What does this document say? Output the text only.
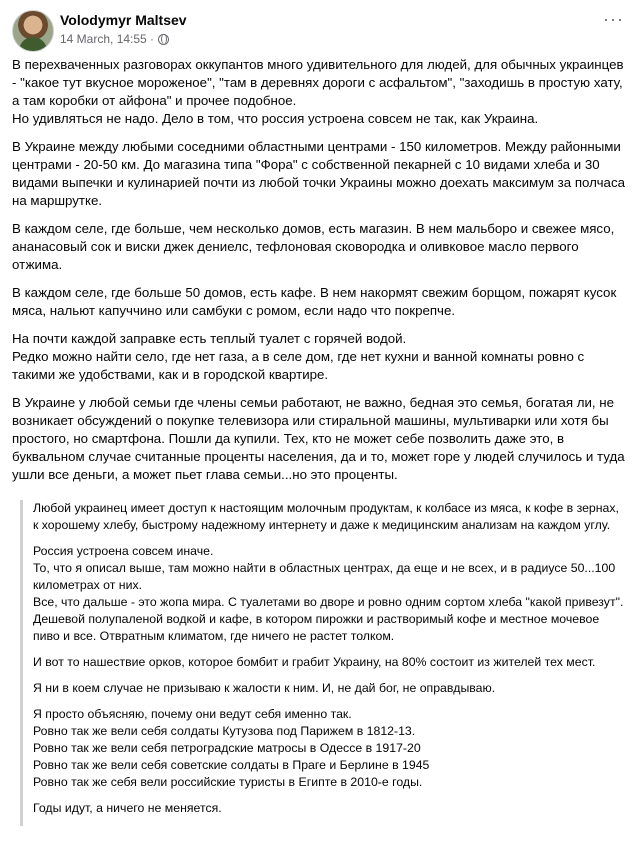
Volodymyr Maltsev
14 March, 14:55 ·
···

В перехваченных разговорах оккупантов много удивительного для людей, для обычных украинцев - "какое тут вкусное мороженое", "там в деревнях дороги с асфальтом", "заходишь в простую хату, а там коробки от айфона" и прочее подобное.
Но удивляться не надо. Дело в том, что россия устроена совсем не так, как Украина.

В Украине между любыми соседними областными центрами - 150 километров. Между районными центрами - 20-50 км. До магазина типа "Фора" с собственной пекарней с 10 видами хлеба и 30 видами выпечки и кулинарией почти из любой точки Украины можно доехать максимум за полчаса на маршрутке.

В каждом селе, где больше, чем несколько домов, есть магазин. В нем мальборо и свежее мясо, ананасовый сок и виски джек дениелс, тефлоновая сковородка и оливковое масло первого отжима.

В каждом селе, где больше 50 домов, есть кафе. В нем накормят свежим борщом, пожарят кусок мяса, нальют капуччино или самбуки с ромом, если надо что покрепче.

На почти каждой заправке есть теплый туалет с горячей водой.
Редко можно найти село, где нет газа, а в селе дом, где нет кухни и ванной комнаты ровно с такими же удобствами, как и в городской квартире.

В Украине у любой семьи где члены семьи работают, не важно, бедная это семья, богатая ли, не возникает обсуждений о покупке телевизора или стиральной машины, мультиварки или хотя бы простого, но смартфона. Пошли да купили. Тех, кто не может себе позволить даже это, в буквальном случае считанные проценты населения, да и то, может горе у людей случилось и туда ушли все деньги, а может пьет глава семьи...но это проценты.

Любой украинец имеет доступ к настоящим молочным продуктам, к колбасе из мяса, к кофе в зернах, к хорошему хлебу, быстрому надежному интернету и даже к медицинским анализам на каждом углу.

Россия устроена совсем иначе.
То, что я описал выше, там можно найти в областных центрах, да еще и не всех, и в радиусе 50...100 километрах от них.
Все, что дальше - это жопа мира. С туалетами во дворе и ровно одним сортом хлеба "какой привезут". Дешевой полупаленой водкой и кафе, в котором пирожки и растворимый кофе и местное мочевое пиво и все. Отвратным климатом, где ничего не растет толком.

И вот то нашествие орков, которое бомбит и грабит Украину, на 80% состоит из жителей тех мест.

Я ни в коем случае не призываю к жалости к ним. И, не дай бог, не оправдываю.

Я просто объясняю, почему они ведут себя именно так.
Ровно так же вели себя солдаты Кутузова под Парижем в 1812-13.
Ровно так же вели себя петроградские матросы в Одессе в 1917-20
Ровно так же вели себя советские солдаты в Праге и Берлине в 1945
Ровно так же себя вели российские туристы в Египте в 2010-е годы.

Годы идут, а ничего не меняется.
